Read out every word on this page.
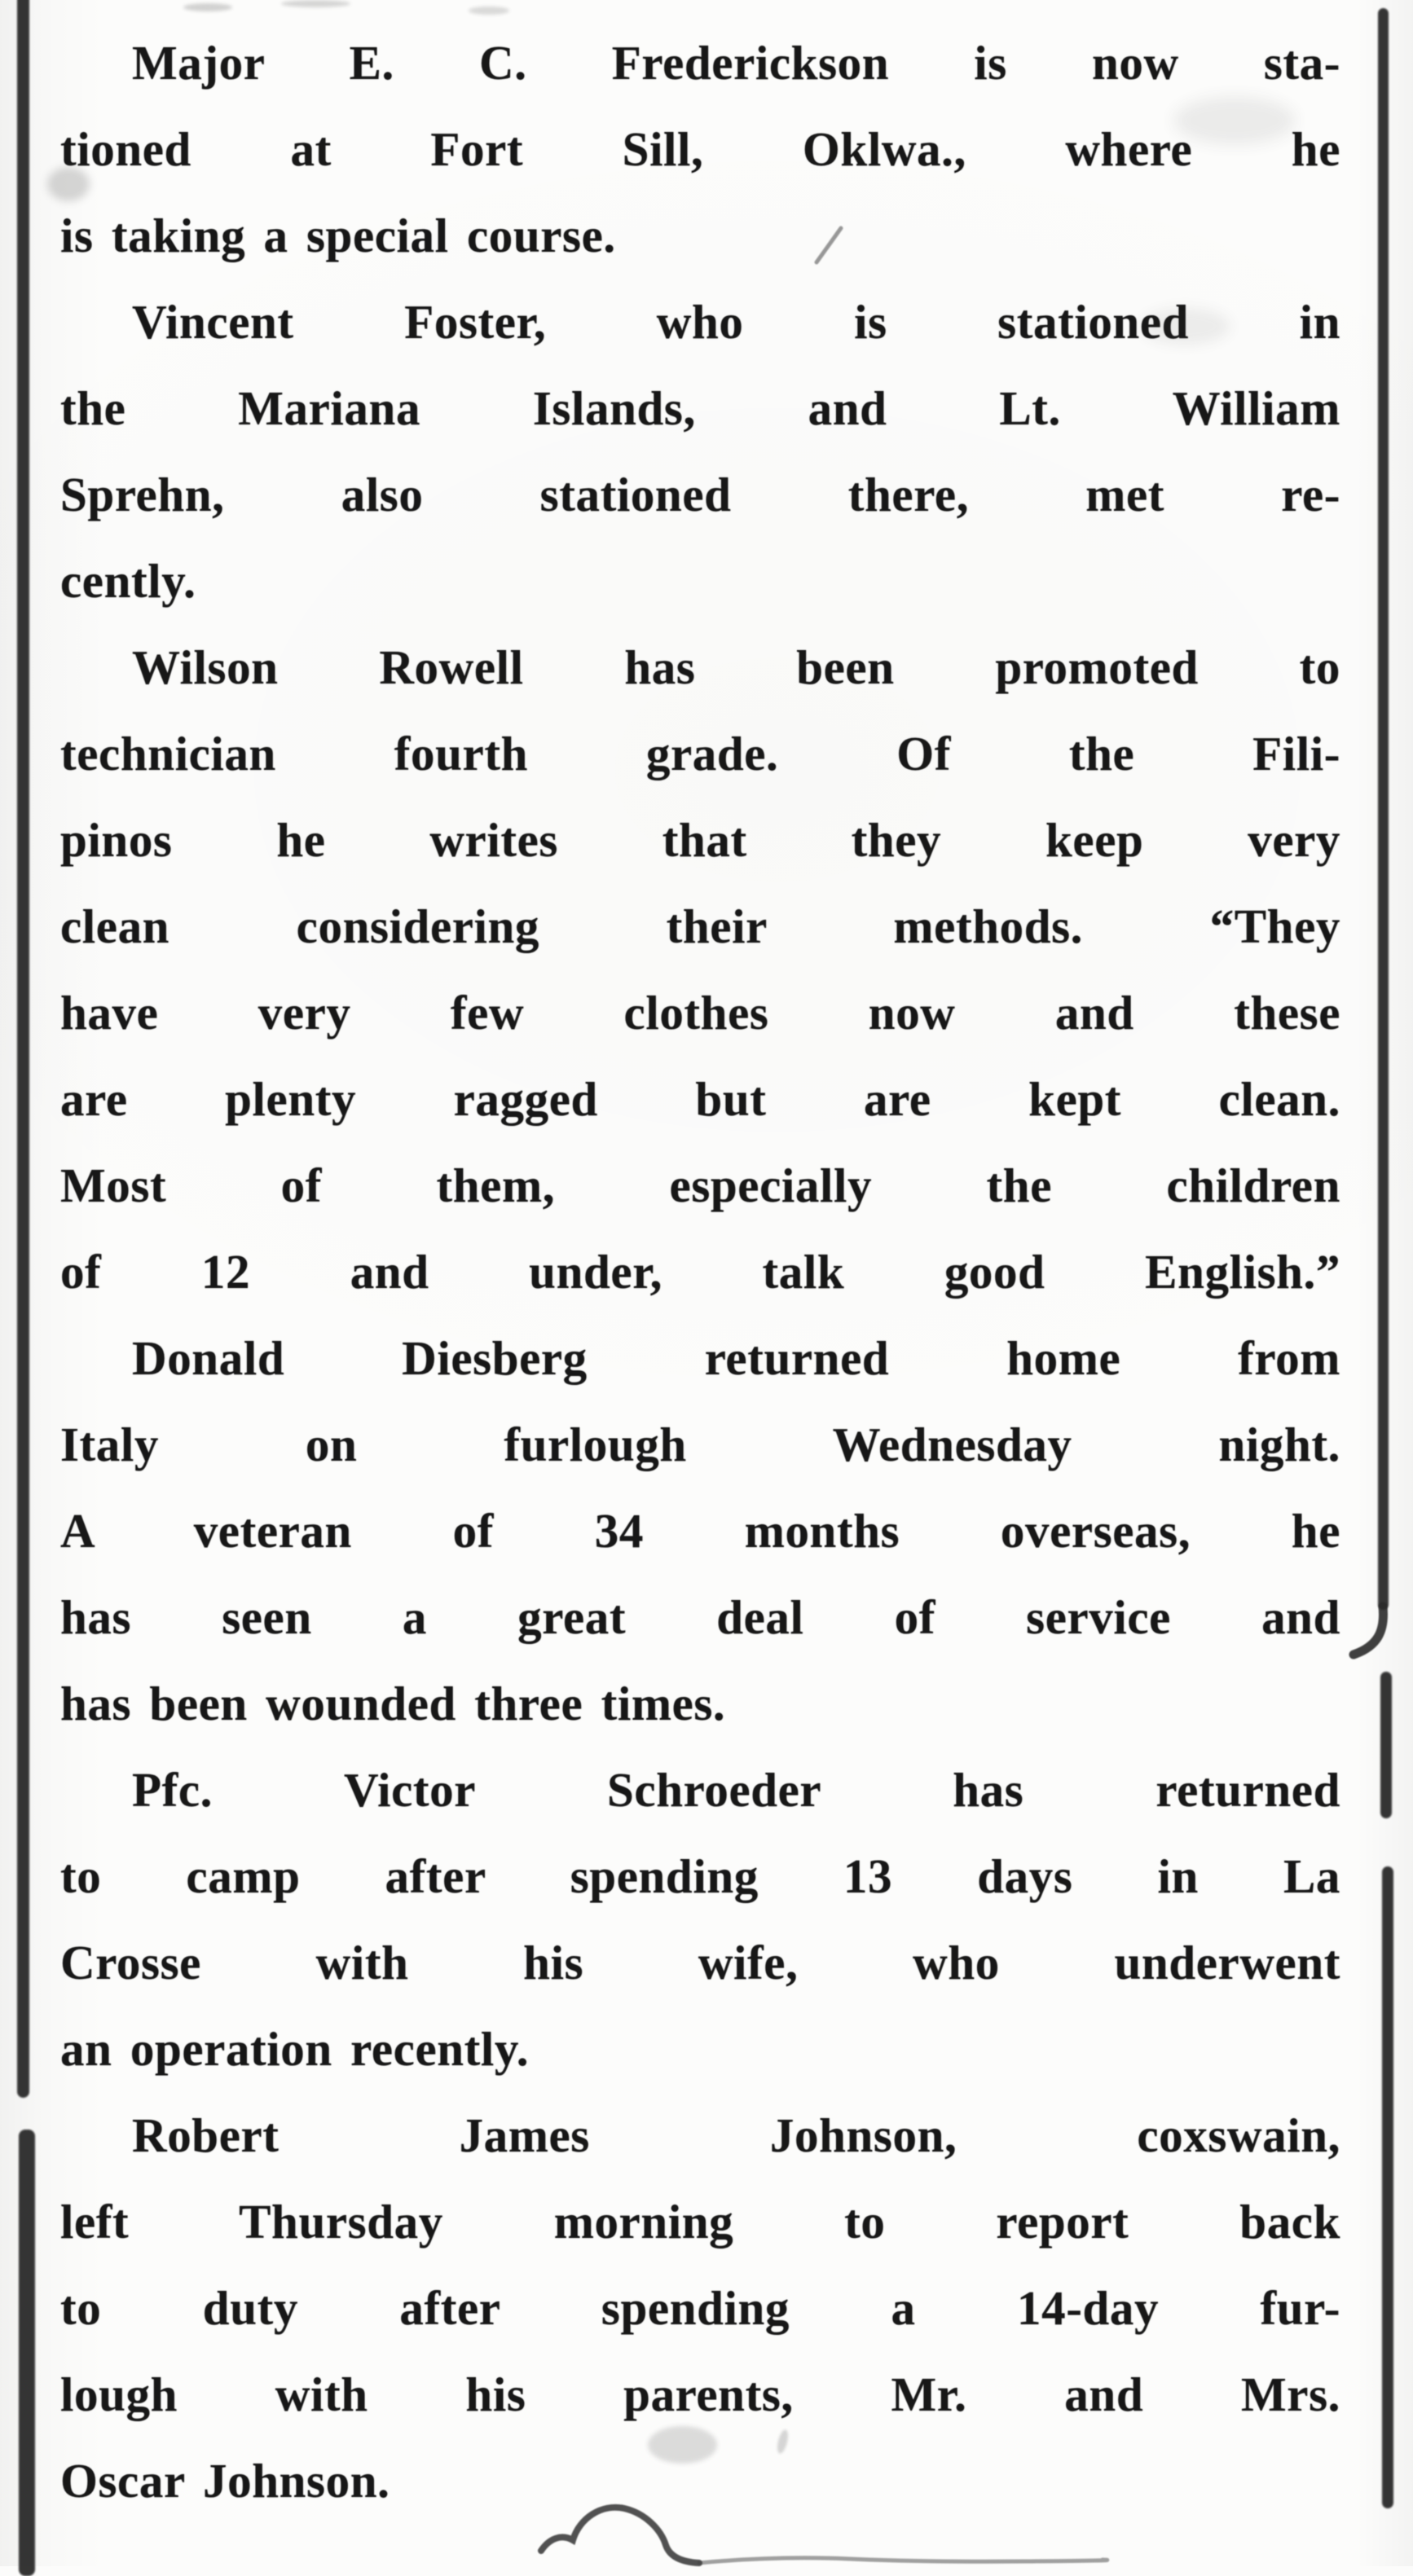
Major E. C. Frederickson is now sta-
tioned at Fort Sill, Oklwa., where he
is taking a special course.
Vincent Foster, who is stationed in
the Mariana Islands, and Lt. William
Sprehn, also stationed there, met re-
cently.
Wilson Rowell has been promoted to
technician fourth grade. Of the Fili-
pinos he writes that they keep very
clean considering their methods. “They
have very few clothes now and these
are plenty ragged but are kept clean.
Most of them, especially the children
of 12 and under, talk good English.”
Donald Diesberg returned home from
Italy on furlough Wednesday night.
A veteran of 34 months overseas, he
has seen a great deal of service and
has been wounded three times.
Pfc. Victor Schroeder has returned
to camp after spending 13 days in La
Crosse with his wife, who underwent
an operation recently.
Robert James Johnson, coxswain,
left Thursday morning to report back
to duty after spending a 14-day fur-
lough with his parents, Mr. and Mrs.
Oscar Johnson.
